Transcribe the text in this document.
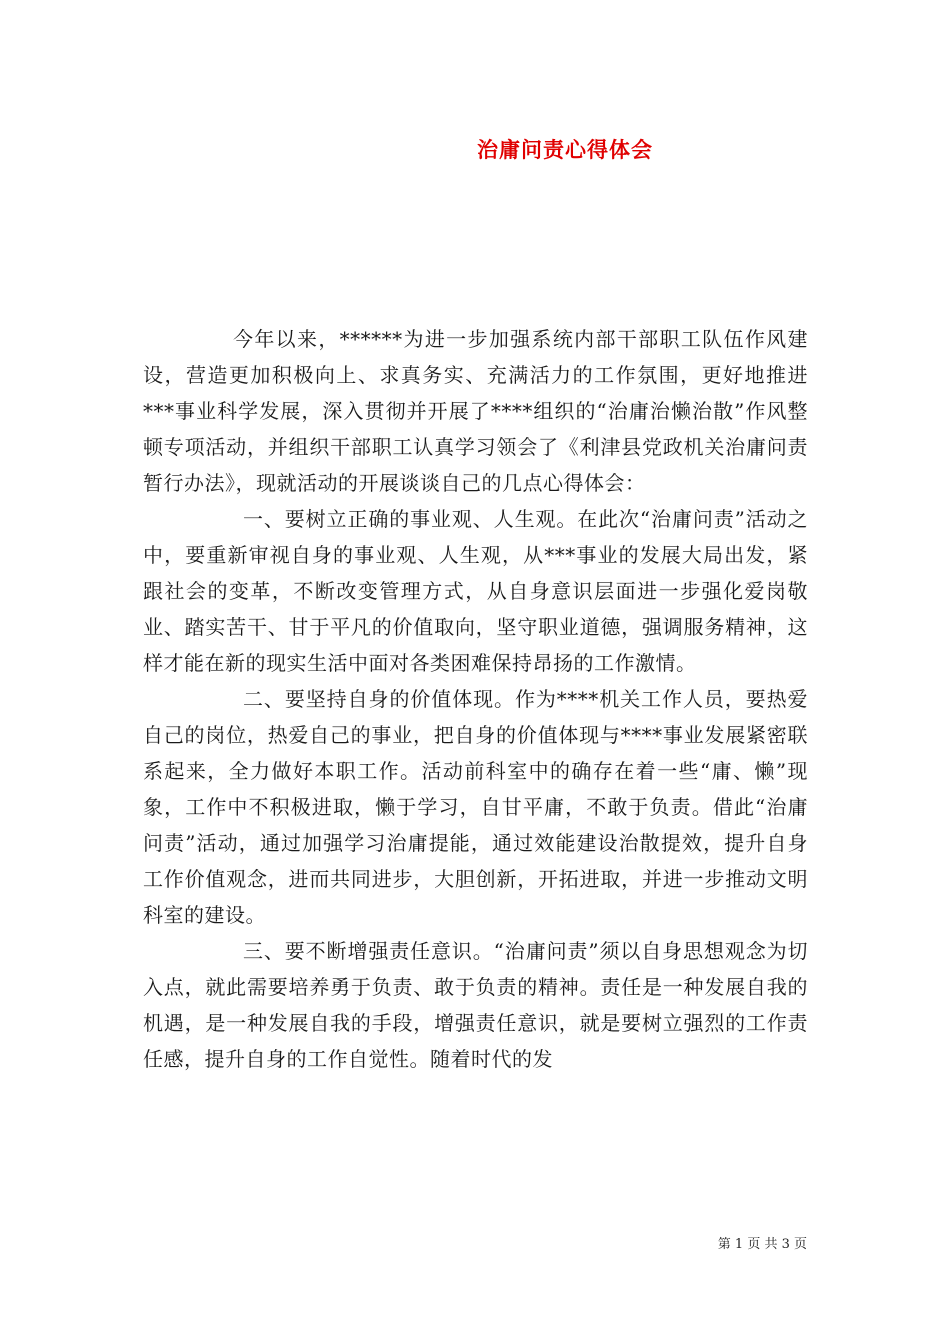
治庸问责心得体会

今年以来，******为进一步加强系统内部干部职工队伍作风建设，营造更加积极向上、求真务实、充满活力的工作氛围，更好地推进***事业科学发展，深入贯彻并开展了****组织的“治庸治懒治散”作风整顿专项活动，并组织干部职工认真学习领会了《利津县党政机关治庸问责暂行办法》，现就活动的开展谈谈自己的几点心得体会：

一、要树立正确的事业观、人生观。在此次“治庸问责”活动之中，要重新审视自身的事业观、人生观，从***事业的发展大局出发，紧跟社会的变革，不断改变管理方式，从自身意识层面进一步强化爱岗敬业、踏实苦干、甘于平凡的价值取向，坚守职业道德，强调服务精神，这样才能在新的现实生活中面对各类困难保持昂扬的工作激情。

二、要坚持自身的价值体现。作为****机关工作人员，要热爱自己的岗位，热爱自己的事业，把自身的价值体现与****事业发展紧密联系起来，全力做好本职工作。活动前科室中的确存在着一些“庸、懒”现象，工作中不积极进取，懒于学习，自甘平庸，不敢于负责。借此“治庸问责”活动，通过加强学习治庸提能，通过效能建设治散提效，提升自身工作价值观念，进而共同进步，大胆创新，开拓进取，并进一步推动文明科室的建设。

三、要不断增强责任意识。“治庸问责”须以自身思想观念为切入点，就此需要培养勇于负责、敢于负责的精神。责任是一种发展自我的机遇，是一种发展自我的手段，增强责任意识，就是要树立强烈的工作责任感，提升自身的工作自觉性。随着时代的发

第 1 页 共 3 页
